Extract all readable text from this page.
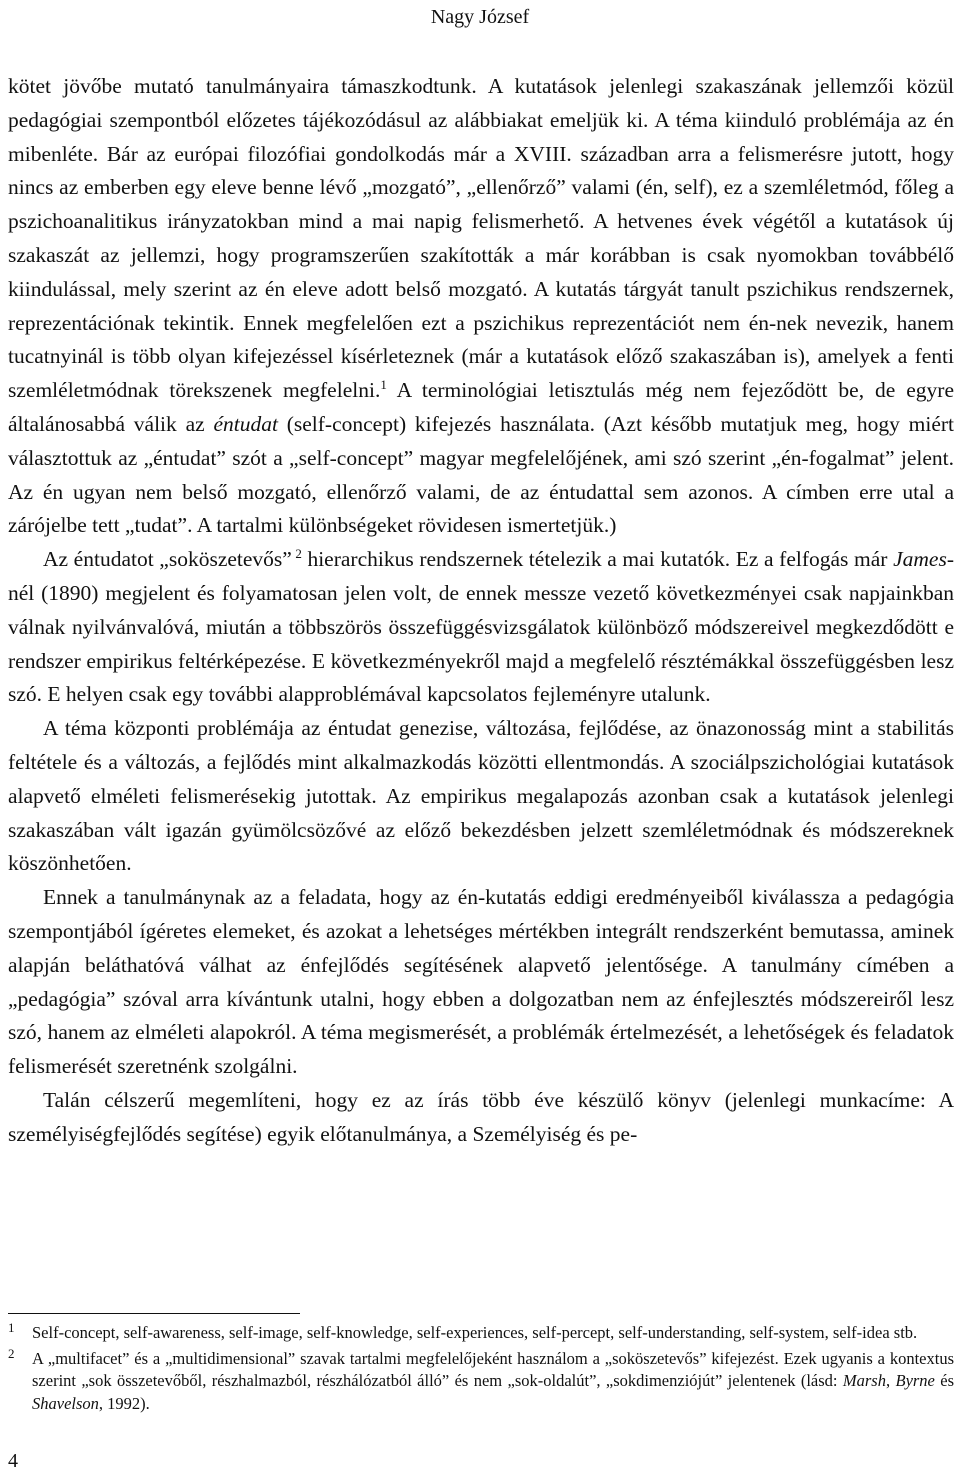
Nagy József

kötet jövőbe mutató tanulmányaira támaszkodtunk. A kutatások jelenlegi szakaszának jellemzői közül pedagógiai szempontból előzetes tájékozódásul az alábbiakat emeljük ki. A téma kiinduló problémája az én mibenléte. Bár az európai filozófiai gondolkodás már a XVIII. században arra a felismerésre jutott, hogy nincs az emberben egy eleve benne lévő „mozgató”, „ellenőrző” valami (én, self), ez a szemléletmód, főleg a pszichoanalitikus irányzatokban mind a mai napig felismerhető. A hetvenes évek végétől a kutatások új szakaszát az jellemzi, hogy programszerűen szakították a már korábban is csak nyomokban továbbélő kiindulással, mely szerint az én eleve adott belső mozgató. A kutatás tárgyát tanult pszichikus rendszernek, reprezentációnak tekintik. Ennek megfelelően ezt a pszichikus reprezentációt nem én-nek nevezik, hanem tucatnyinál is több olyan kifejezéssel kísérleteznek (már a kutatások előző szakaszában is), amelyek a fenti szemléletmódnak törekszenek megfelelni.$^1$ A terminológiai letisztulás még nem fejeződött be, de egyre általánosabbá válik az éntudat (self-concept) kifejezés használata. (Azt később mutatjuk meg, hogy miért választottuk az „éntudat” szót a „self-concept” magyar megfelelőjének, ami szó szerint „én-fogalmat” jelent. Az én ugyan nem belső mozgató, ellenőrző valami, de az éntudattal sem azonos. A címben erre utal a zárójelbe tett „tudat”. A tartalmi különbségeket rövidesen ismertetjük.)

Az éntudatot „soköszetevős” $^2$ hierarchikus rendszernek tételezik a mai kutatók. Ez a felfogás már James-nél (1890) megjelent és folyamatosan jelen volt, de ennek messze vezető következményei csak napjainkban válnak nyilvánvalóvá, miután a többszörös összefüggésvizsgálatok különböző módszereivel megkezdődött e rendszer empirikus feltérképezése. E következményekről majd a megfelelő résztémákkal összefüggésben lesz szó. E helyen csak egy további alapproblémával kapcsolatos fejleményre utalunk.

A téma központi problémája az éntudat genezise, változása, fejlődése, az önazonosság mint a stabilitás feltétele és a változás, a fejlődés mint alkalmazkodás közötti ellentmondás. A szociálpszichológiai kutatások alapvető elméleti felismerésekig jutottak. Az empirikus megalapozás azonban csak a kutatások jelenlegi szakaszában vált igazán gyümölcsözővé az előző bekezdésben jelzett szemléletmódnak és módszereknek köszönhetően.

Ennek a tanulmánynak az a feladata, hogy az én-kutatás eddigi eredményeiből kiválassza a pedagógia szempontjából ígéretes elemeket, és azokat a lehetséges mértékben integrált rendszerként bemutassa, aminek alapján beláthatóvá válhat az énfejlődés segítésének alapvető jelentősége. A tanulmány címében a „pedagógia” szóval arra kívántunk utalni, hogy ebben a dolgozatban nem az énfejlesztés módszereiről lesz szó, hanem az elméleti alapokról. A téma megismerését, a problémák értelmezését, a lehetőségek és feladatok felismerését szeretnénk szolgálni.

Talán célszerű megemlíteni, hogy ez az írás több éve készülő könyv (jelenlegi munkacíme: A személyiségfejlődés segítése) egyik előtanulmánya, a Személyiség és pe-

1 Self-concept, self-awareness, self-image, self-knowledge, self-experiences, self-percept, self-understanding, self-system, self-idea stb.
2 A „multifacet” és a „multidimensional” szavak tartalmi megfelelőjeként használom a „soköszetevős” kifejezést. Ezek ugyanis a kontextus szerint „sok összetevőből, részhalmazból, részhálózatból álló” és nem „sok-oldalút”, „sokdimenziójút” jelentenek (lásd: Marsh, Byrne és Shavelson, 1992).
4
